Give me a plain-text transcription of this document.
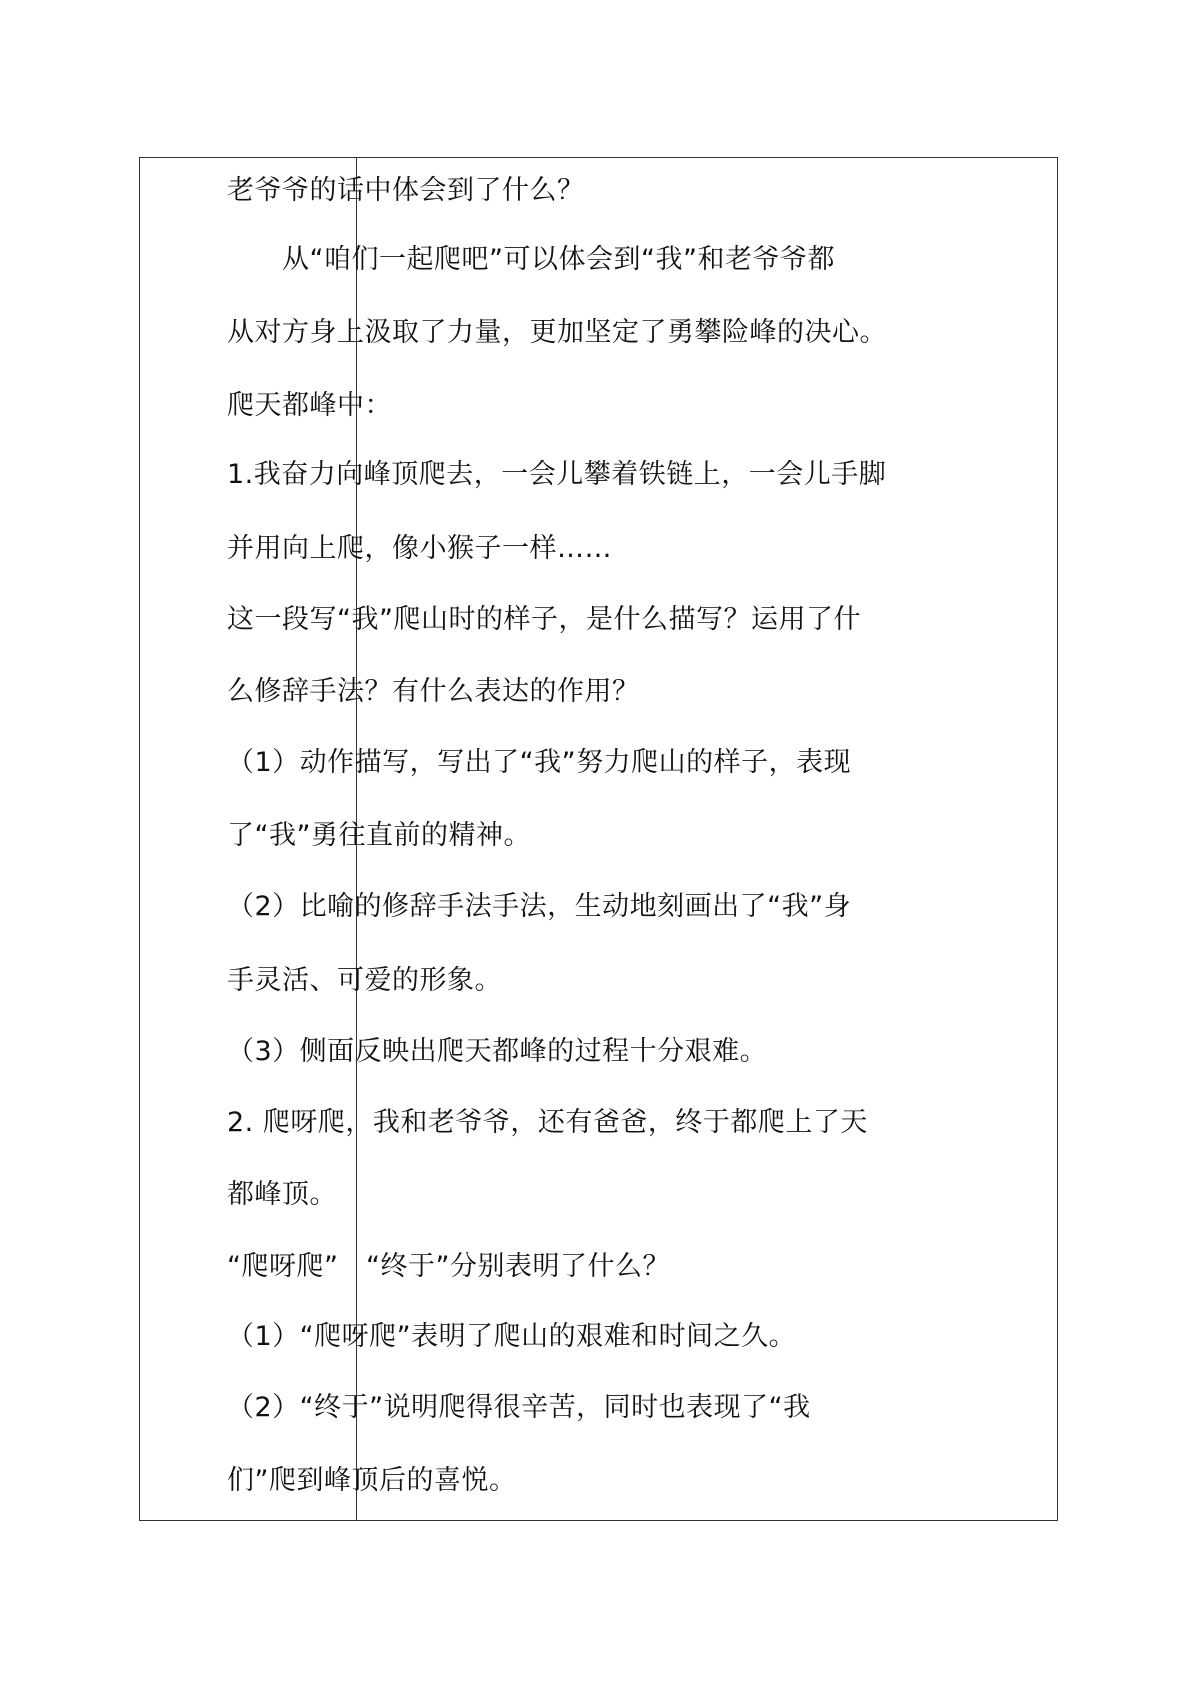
老爷爷的话中体会到了什么？

　　从“咱们一起爬吧”可以体会到“我”和老爷爷都

从对方身上汲取了力量，更加坚定了勇攀险峰的决心。

爬天都峰中：

1.我奋力向峰顶爬去，一会儿攀着铁链上，一会儿手脚

并用向上爬，像小猴子一样……

这一段写“我”爬山时的样子，是什么描写？运用了什

么修辞手法？有什么表达的作用？

（1）动作描写，写出了“我”努力爬山的样子，表现

了“我”勇往直前的精神。

（2）比喻的修辞手法手法，生动地刻画出了“我”身

手灵活、可爱的形象。

（3）侧面反映出爬天都峰的过程十分艰难。

2. 爬呀爬，我和老爷爷，还有爸爸，终于都爬上了天

都峰顶。

“爬呀爬”　“终于”分别表明了什么？

（1）“爬呀爬”表明了爬山的艰难和时间之久。

（2）“终于”说明爬得很辛苦，同时也表现了“我

们”爬到峰顶后的喜悦。
